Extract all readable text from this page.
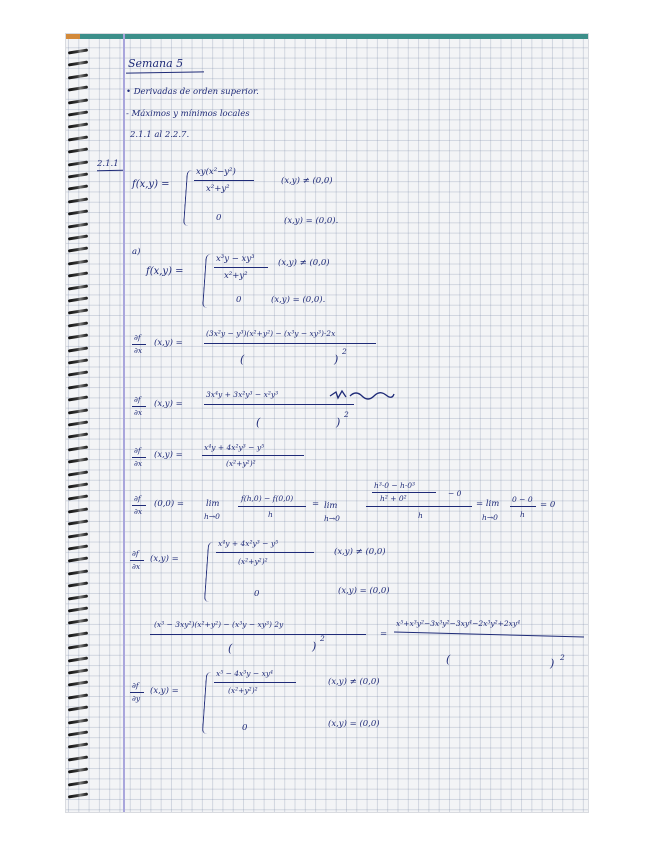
Semana 5
• Derivadas de orden superior.
- Máximos y mínimos locales
2.1.1 al 2.2.7.
2.1.1
f(x,y) =
xy(x²−y²)
x²+y²
(x,y) ≠ (0,0)
0	(x,y) = (0,0).
a)
f(x,y) =
x³y − xy³
x²+y²
(x,y) ≠ (0,0)
0	(x,y) = (0,0).
∂f
∂x
(x,y) =
(3x²y − y³)(x²+y²) − (x³y − xy³)·2x
(	)
2
∂f
∂x
(x,y) =
3x⁴y + 3x²y³ − x²y³
(	)
2
∂f
∂x
(x,y) =
x⁴y + 4x²y³ − y⁵
(x²+y²)²
∂f
∂x
(0,0) =	lim
h→0
f(h,0) − f(0,0)
h
= lim
h→0
h³·0 − h·0³
− 0
h² + 0²
h
= lim
h→0
0 − 0
h
= 0
∂f
∂x
(x,y) =
x⁴y + 4x²y³ − y⁵
(x²+y²)²
(x,y) ≠ (0,0)
0	(x,y) = (0,0)
(x³ − 3xy²)(x²+y²) − (x³y − xy³) 2y
(	)
2	=
x⁵+x³y²−3x³y²−3xy⁴−2x³y²+2xy⁴
(	) 2
∂f
∂y
(x,y) =
x⁵ − 4x³y − xy⁴
(x²+y²)²
(x,y) ≠ (0,0)
0	(x,y) = (0,0)
